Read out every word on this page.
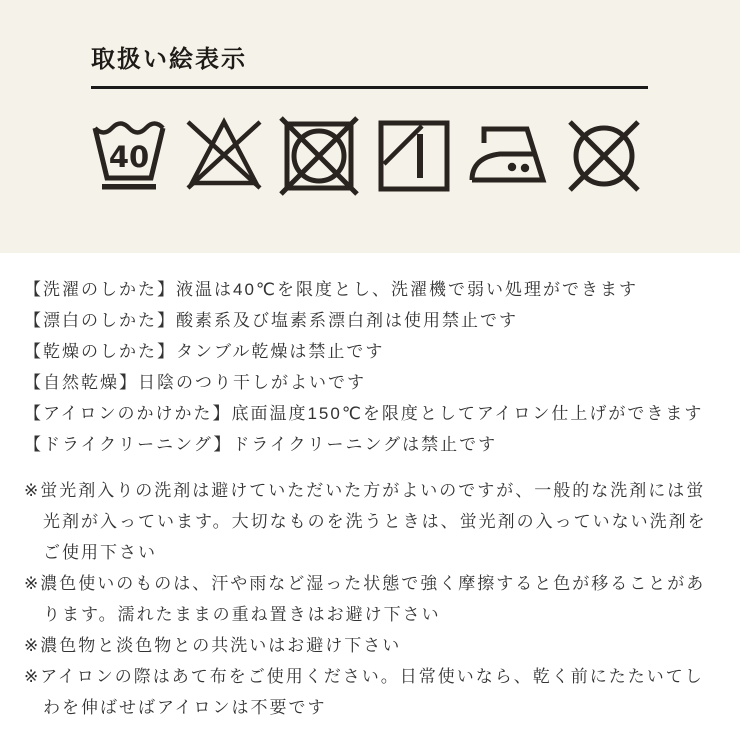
取扱い絵表示
40
【洗濯のしかた】液温は40℃を限度とし、洗濯機で弱い処理ができます
【漂白のしかた】酸素系及び塩素系漂白剤は使用禁止です
【乾燥のしかた】タンブル乾燥は禁止です
【自然乾燥】日陰のつり干しがよいです
【アイロンのかけかた】底面温度150℃を限度としてアイロン仕上げができます
【ドライクリーニング】ドライクリーニングは禁止です
※蛍光剤入りの洗剤は避けていただいた方がよいのですが、一般的な洗剤には蛍光剤が入っています。大切なものを洗うときは、蛍光剤の入っていない洗剤をご使用下さい
※濃色使いのものは、汗や雨など湿った状態で強く摩擦すると色が移ることがあります。濡れたままの重ね置きはお避け下さい
※濃色物と淡色物との共洗いはお避け下さい
※アイロンの際はあて布をご使用ください。日常使いなら、乾く前にたたいてしわを伸ばせばアイロンは不要です
